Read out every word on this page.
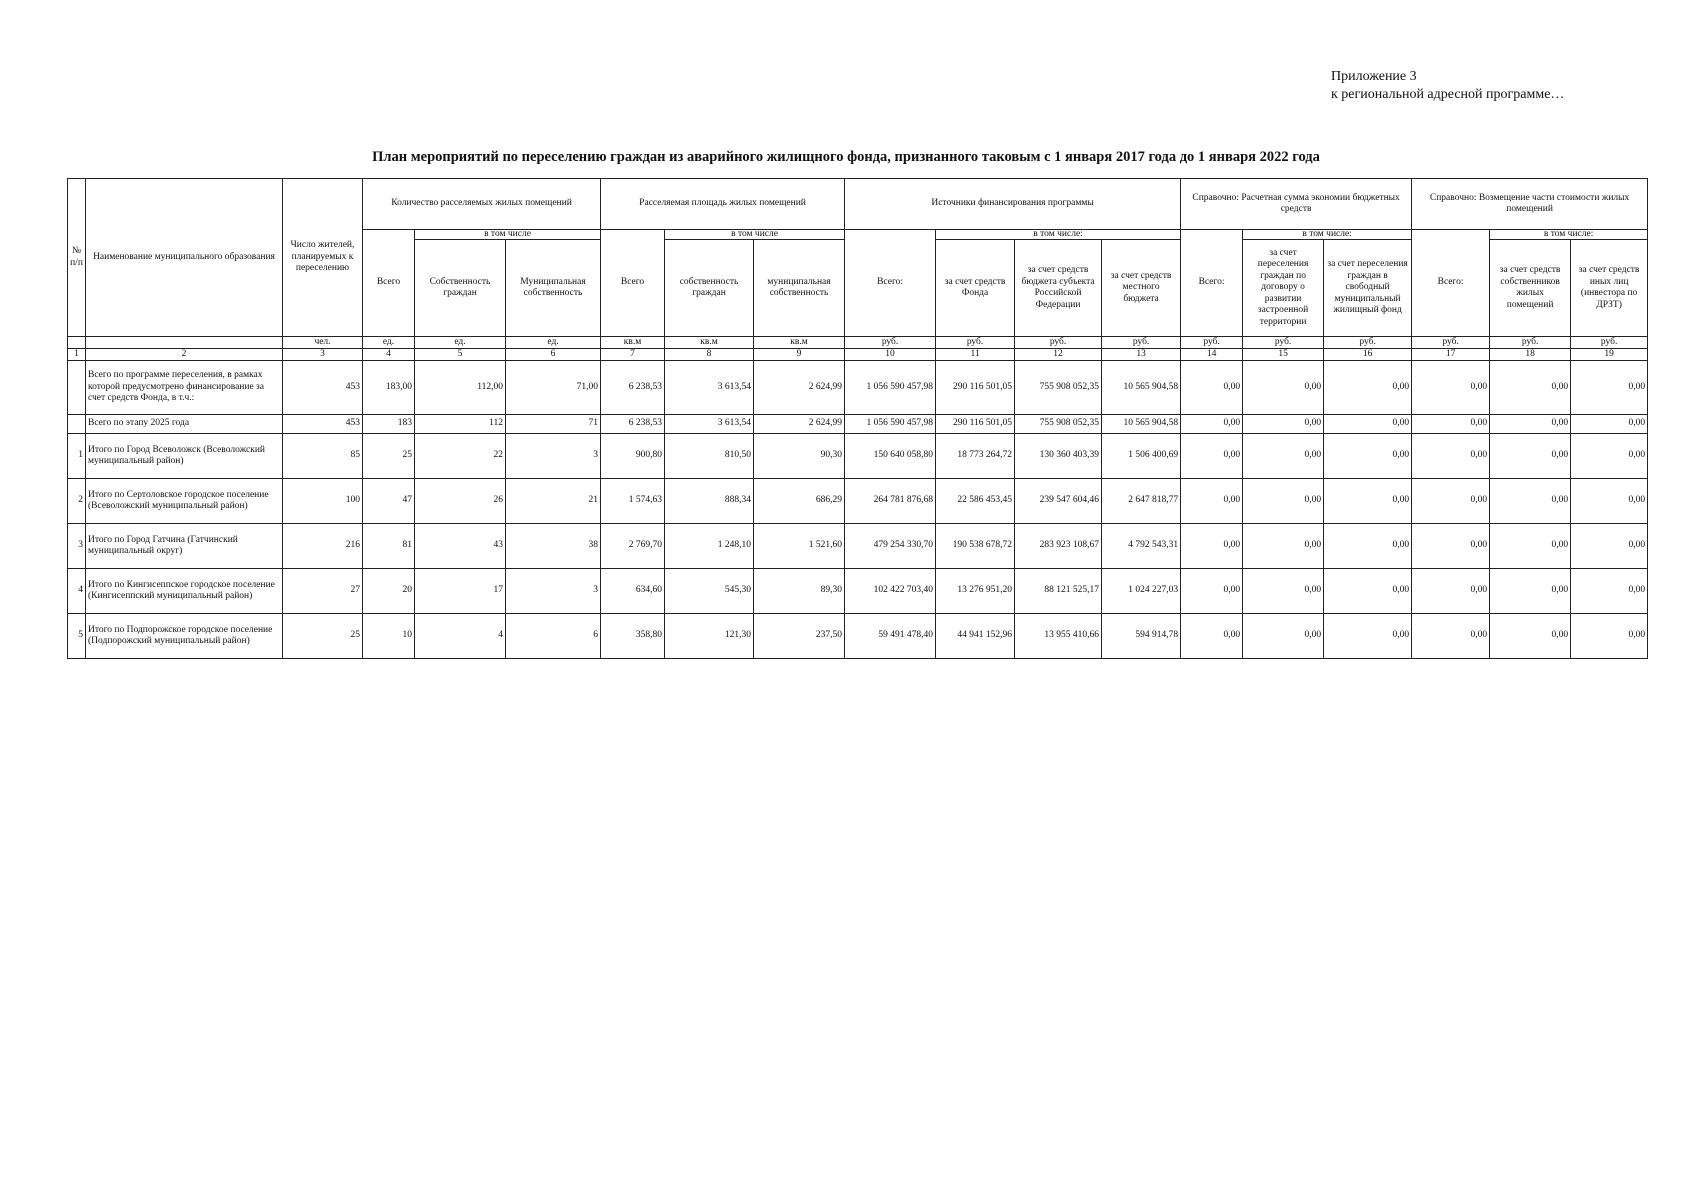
Приложение 3
к региональной адресной программе…
План мероприятий по переселению граждан из аварийного жилищного фонда, признанного таковым с 1 января 2017 года до 1 января 2022 года
№ п/п	Наименование муниципального образования	Число жителей, планируемых к переселению	Количество расселяемых жилых помещений			Расселяемая площадь жилых помещений			Источники финансирования программы				Справочно: Расчетная сумма экономии бюджетных средств			Справочно: Возмещение части стоимости жилых помещений		
			Всего	в том числе		Всего	в том числе		Всего:	в том числе:			Всего:	в том числе:		Всего:	в том числе:	
				Собственность граждан	Муниципальная собственность		собственность граждан	муниципальная собственность		за счет средств Фонда	за счет средств бюджета субъекта Российской Федерации	за счет средств местного бюджета		за счет переселения граждан по договору о развитии застроенной территории	за счет переселения граждан в свободный муниципальный жилищный фонд		за счет средств собственников жилых помещений	за счет средств иных лиц (инвестора по ДРЗТ)
		чел.	ед.	ед.	ед.	кв.м	кв.м	кв.м	руб.	руб.	руб.	руб.	руб.	руб.	руб.	руб.	руб.	руб.
1	2	3	4	5	6	7	8	9	10	11	12	13	14	15	16	17	18	19
	Всего по программе переселения, в рамках которой предусмотрено финансирование за счет средств Фонда, в т.ч.:	453	183,00	112,00	71,00	6 238,53	3 613,54	2 624,99	1 056 590 457,98	290 116 501,05	755 908 052,35	10 565 904,58	0,00	0,00	0,00	0,00	0,00	0,00
	Всего по этапу 2025 года	453	183	112	71	6 238,53	3 613,54	2 624,99	1 056 590 457,98	290 116 501,05	755 908 052,35	10 565 904,58	0,00	0,00	0,00	0,00	0,00	0,00
1	Итого по Город Всеволожск (Всеволожский муниципальный район)	85	25	22	3	900,80	810,50	90,30	150 640 058,80	18 773 264,72	130 360 403,39	1 506 400,69	0,00	0,00	0,00	0,00	0,00	0,00
2	Итого по Сертоловское городское поселение (Всеволожский муниципальный район)	100	47	26	21	1 574,63	888,34	686,29	264 781 876,68	22 586 453,45	239 547 604,46	2 647 818,77	0,00	0,00	0,00	0,00	0,00	0,00
3	Итого по Город Гатчина (Гатчинский муниципальный округ)	216	81	43	38	2 769,70	1 248,10	1 521,60	479 254 330,70	190 538 678,72	283 923 108,67	4 792 543,31	0,00	0,00	0,00	0,00	0,00	0,00
4	Итого по Кингисеппское городское поселение (Кингисеппский муниципальный район)	27	20	17	3	634,60	545,30	89,30	102 422 703,40	13 276 951,20	88 121 525,17	1 024 227,03	0,00	0,00	0,00	0,00	0,00	0,00
5	Итого по Подпорожское городское поселение (Подпорожский муниципальный район)	25	10	4	6	358,80	121,30	237,50	59 491 478,40	44 941 152,96	13 955 410,66	594 914,78	0,00	0,00	0,00	0,00	0,00	0,00
